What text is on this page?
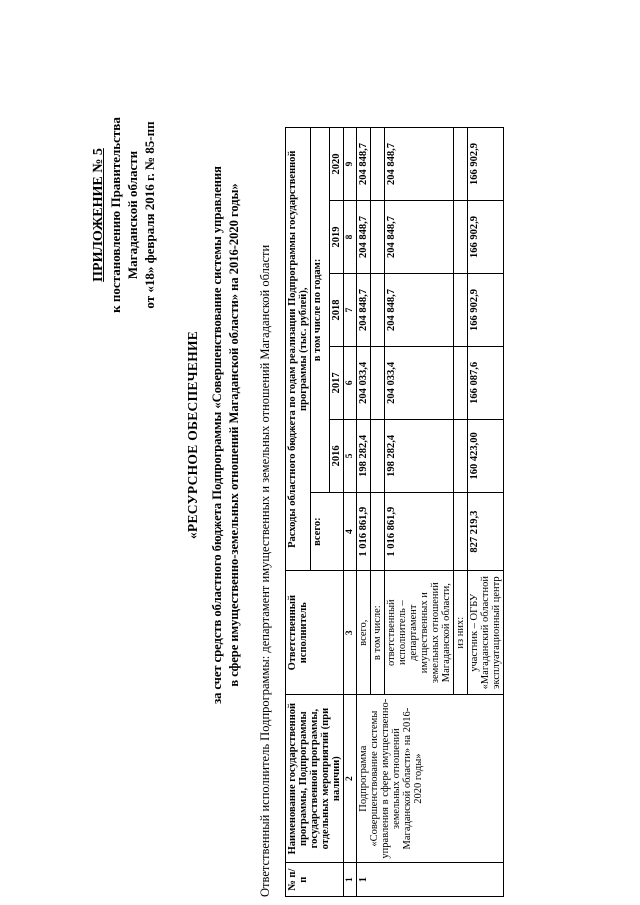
ПРИЛОЖЕНИЕ № 5 к постановлению Правительства Магаданской области от «18» февраля 2016 г. № 85-пп
«РЕСУРСНОЕ ОБЕСПЕЧЕНИЕ за счет средств областного бюджета Подпрограммы «Совершенствование системы управления в сфере имущественно-земельных отношений Магаданской области» на 2016-2020 годы» Ответственный исполнитель Подпрограммы: департамент имущественных и земельных отношений Магаданской области № п/п	Наименование государственной программы, Подпрограммы государственной программы, отдельных мероприятий (при наличии)	Ответственный исполнитель	Расходы областного бюджета по годам реализации Подпрограммы государственной программы (тыс. рублей),					
			всего:	в том числе по годам:				
				2016	2017	2018	2019	2020
1	2	3	4	5	6	7	8	9
1	Подпрограмма «Совершенствование системы управления в сфере имущественно-земельных отношений Магаданской области» на 2016-2020 годы»	всего,	1 016 861,9	198 282,4	204 033,4	204 848,7	204 848,7	204 848,7
		в том числе:						
		ответственный исполнитель – департамент имущественных и земельных отношений Магаданской области,	1 016 861,9	198 282,4	204 033,4	204 848,7	204 848,7	204 848,7
		из них:						
		участник – ОГБУ «Магаданский областной эксплуатационный центр	827 219,3	160 423,00	166 087,6	166 902,9	166 902,9	166 902,9
